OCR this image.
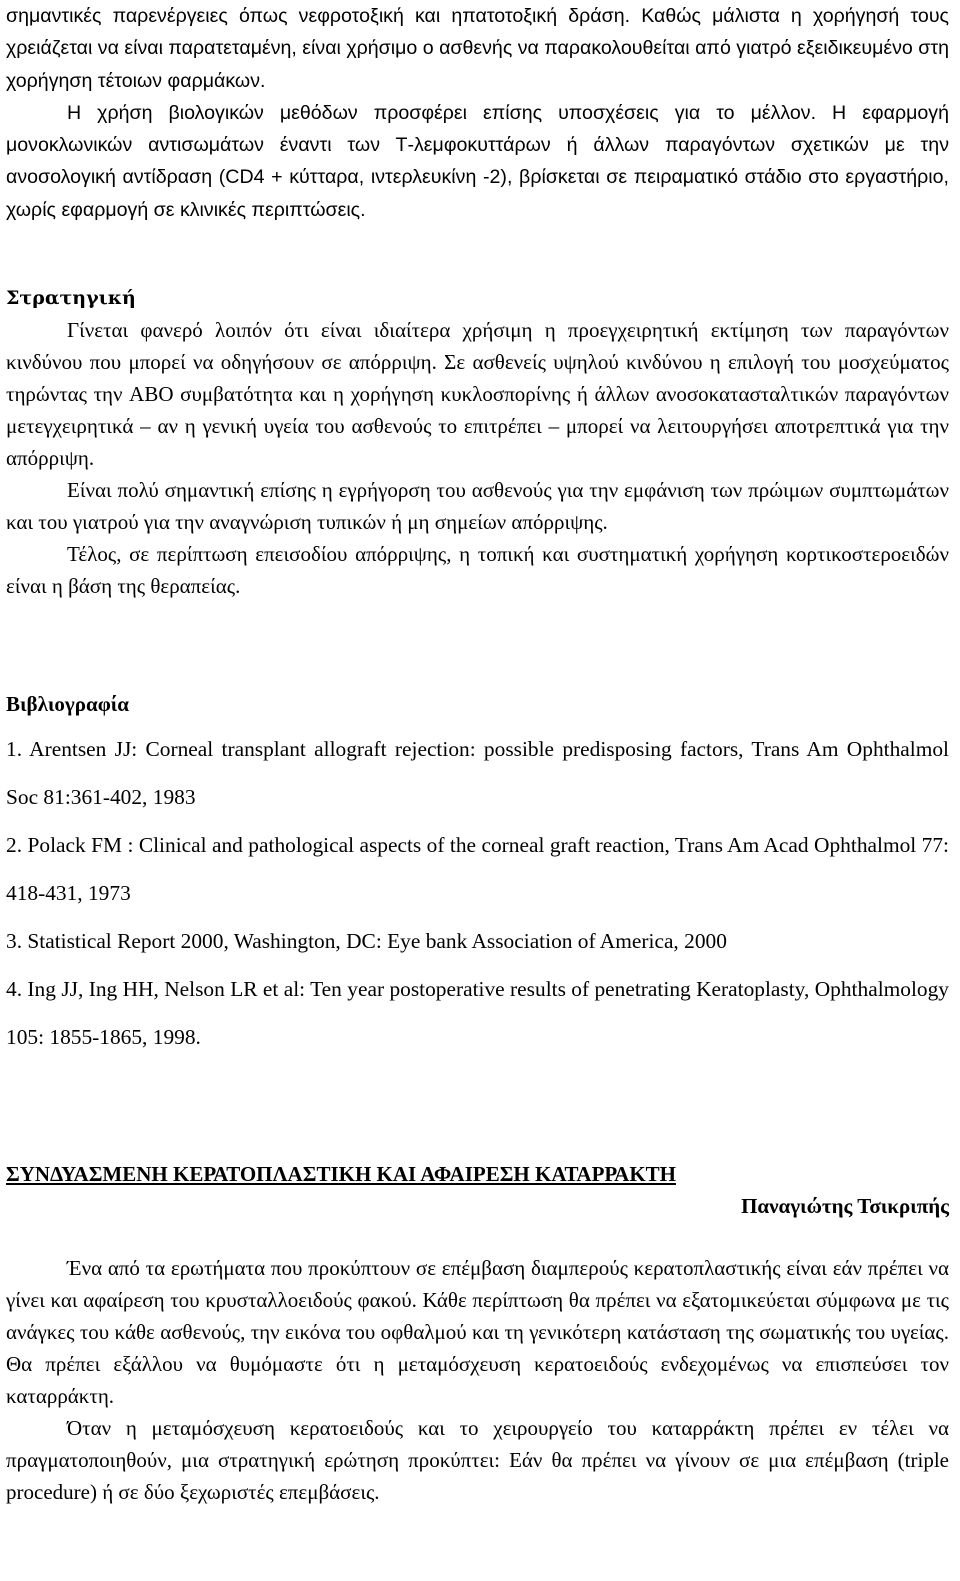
σημαντικές παρενέργειες όπως νεφροτοξική και ηπατοτοξική δράση. Καθώς μάλιστα η χορήγησή τους χρειάζεται να είναι παρατεταμένη, είναι χρήσιμο ο ασθενής να παρακολουθείται από γιατρό εξειδικευμένο στη χορήγηση τέτοιων φαρμάκων.

Η χρήση βιολογικών μεθόδων προσφέρει επίσης υποσχέσεις για το μέλλον. Η εφαρμογή μονοκλωνικών αντισωμάτων έναντι των Τ-λεμφοκυττάρων ή άλλων παραγόντων σχετικών με την ανοσολογική αντίδραση (CD4 + κύτταρα, ιντερλευκίνη -2), βρίσκεται σε πειραματικό στάδιο στο εργαστήριο, χωρίς εφαρμογή σε κλινικές περιπτώσεις.

Στρατηγική

Γίνεται φανερό λοιπόν ότι είναι ιδιαίτερα χρήσιμη η προεγχειρητική εκτίμηση των παραγόντων κινδύνου που μπορεί να οδηγήσουν σε απόρριψη. Σε ασθενείς υψηλού κινδύνου η επιλογή του μοσχεύματος τηρώντας την ABO συμβατότητα και η χορήγηση κυκλοσπορίνης ή άλλων ανοσοκατασταλτικών παραγόντων μετεγχειρητικά – αν η γενική υγεία του ασθενούς το επιτρέπει – μπορεί να λειτουργήσει αποτρεπτικά για την απόρριψη.

Είναι πολύ σημαντική επίσης η εγρήγορση του ασθενούς για την εμφάνιση των πρώιμων συμπτωμάτων και του γιατρού για την αναγνώριση τυπικών ή μη σημείων απόρριψης.

Τέλος, σε περίπτωση επεισοδίου απόρριψης, η τοπική και συστηματική χορήγηση κορτικοστεροειδών είναι η βάση της θεραπείας.

Βιβλιογραφία

1. Arentsen JJ: Corneal transplant allograft rejection: possible predisposing factors, Trans Am Ophthalmol Soc 81:361-402, 1983

2. Polack FM : Clinical and pathological aspects of the corneal graft reaction, Trans Am Acad Ophthalmol 77: 418-431, 1973

3. Statistical Report 2000, Washington, DC: Eye bank Association of America, 2000

4. Ing JJ, Ing HH, Nelson LR et al: Ten year postoperative results of penetrating Keratoplasty, Ophthalmology 105: 1855-1865, 1998.

ΣΥΝΔΥΑΣΜΕΝΗ ΚΕΡΑΤΟΠΛΑΣΤΙΚΗ ΚΑΙ ΑΦΑΙΡΕΣΗ ΚΑΤΑΡΡΑΚΤΗ
Παναγιώτης Τσικριπής

Ένα από τα ερωτήματα που προκύπτουν σε επέμβαση διαμπερούς κερατοπλαστικής είναι εάν πρέπει να γίνει και αφαίρεση του κρυσταλλοειδούς φακού. Κάθε περίπτωση θα πρέπει να εξατομικεύεται σύμφωνα με τις ανάγκες του κάθε ασθενούς, την εικόνα του οφθαλμού και τη γενικότερη κατάσταση της σωματικής του υγείας. Θα πρέπει εξάλλου να θυμόμαστε ότι η μεταμόσχευση κερατοειδούς ενδεχομένως να επισπεύσει τον καταρράκτη.

Όταν η μεταμόσχευση κερατοειδούς και το χειρουργείο του καταρράκτη πρέπει εν τέλει να πραγματοποιηθούν, μια στρατηγική ερώτηση προκύπτει: Εάν θα πρέπει να γίνουν σε μια επέμβαση (triple procedure) ή σε δύο ξεχωριστές επεμβάσεις.
